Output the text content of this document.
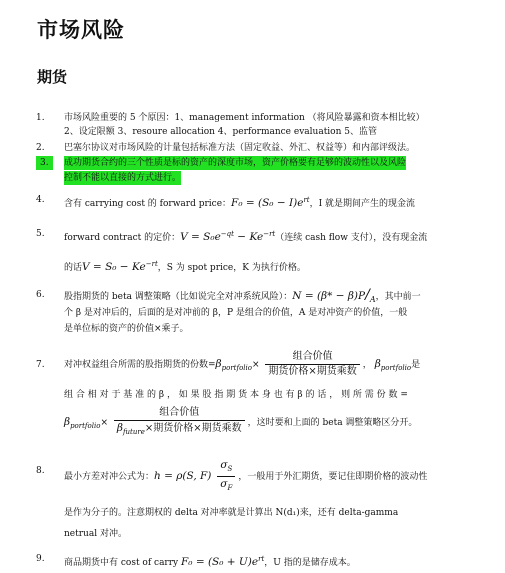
市场风险
期货
1. 市场风险重要的 5 个原因：1、management information （将风险暴露和资本相比较）
2、设定限额 3、resoure allocation 4、performance evaluation 5、监管
2. 巴塞尔协议对市场风险的计量包括标准方法（固定收益、外汇、权益等）和内部评级法。
3.	成功期货合约的三个性质是标的资产的深度市场，资产价格要有足够的波动性以及风险
控制不能以直接的方式进行。
4. 含有 carrying cost 的 forward price：$F_0 = (S_0 - I)e^{rt}$，I 就是期间产生的现金流
5. forward contract 的定价：$V = S_0e^{-qt} - Ke^{-rt}$（连续 cash flow 支付），没有现金流
的话$V = S_0 - Ke^{-rt}$，S 为 spot price，K 为执行价格。
6. 股指期货的 beta 调整策略（比如说完全对冲系统风险）：N = (β* − β)P/A，其中前一
个 β 是对冲后的，后面的是对冲前的 β，P 是组合的价值，A 是对冲资产的价值，一般
是单位标的资产的价值×乘子。
7. 对冲权益组合所需的股指期货的份数$=\beta_{portfolio}\times \frac{\text{组合价值}}{\text{期货价格×期货乘数}}$ ， $\beta_{portfolio}$是
组 合 相 对 于 基 准 的 β ， 如 果 股 指 期 货 本 身 也 有 β 的 话 ， 则 所 需 份 数 =
$\beta_{portfolio}\times \frac{\text{组合价值}}{\beta_{future}\times 期货价格\times 期货乘数}$ ，这时要和上面的 beta 调整策略区分开。
8.
最小方差对冲公式为：h = ρ(S, $F) \frac{\sigma_S}{\sigma_F}$ ，一般用于外汇期货，要记住即期价格的波动性
是作为分子的。注意期权的 delta 对冲率就是计算出 N(d₁)来，还有 delta-gamma
netrual 对冲。
9. 商品期货中有 cost of carry $F_0 = (S_0 + U)e^{rt}$，U 指的是储存成本。
